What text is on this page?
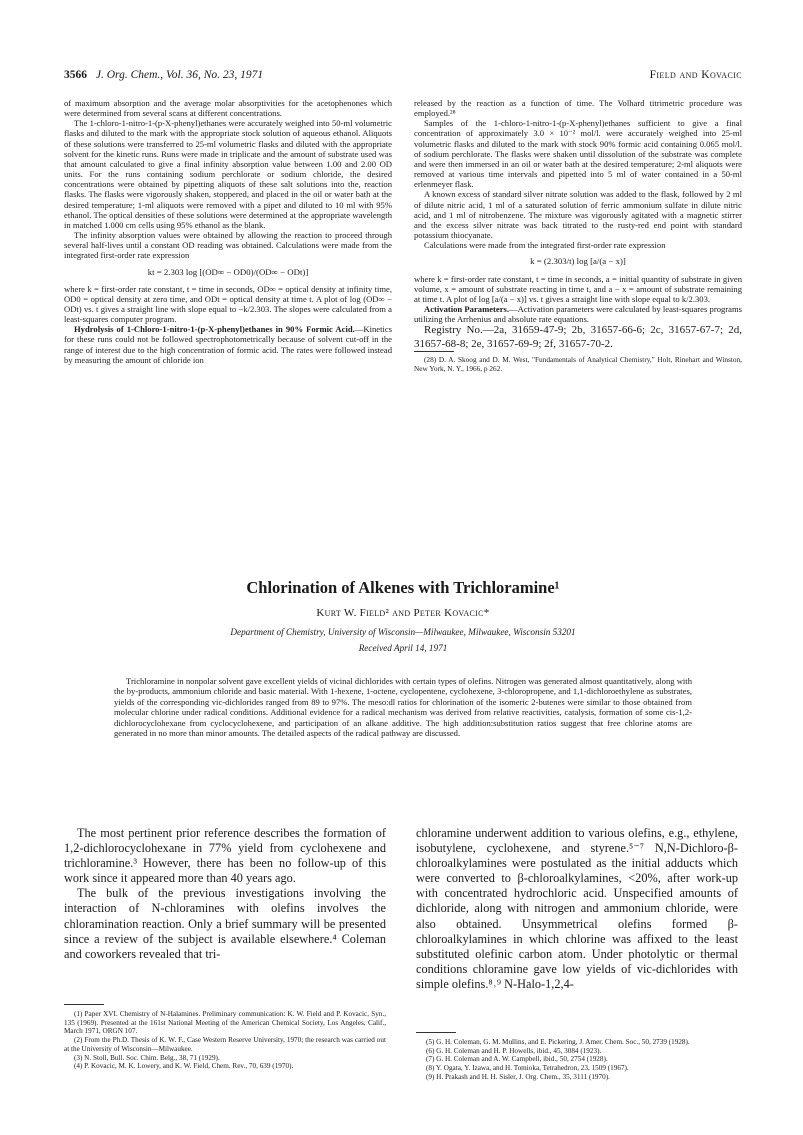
3566 J. Org. Chem., Vol. 36, No. 23, 1971	Field and Kovacic

of maximum absorption and the average molar absorptivities for the acetophenones which were determined from several scans at different concentrations.

The 1-chloro-1-nitro-1-(p-X-phenyl)ethanes were accurately weighed into 50-ml volumetric flasks and diluted to the mark with the appropriate stock solution of aqueous ethanol. Aliquots of these solutions were transferred to 25-ml volumetric flasks and diluted with the appropriate solvent for the kinetic runs. Runs were made in triplicate and the amount of substrate used was that amount calculated to give a final infinity absorption value between 1.00 and 2.00 OD units. For the runs containing sodium perchlorate or sodium chloride, the desired concentrations were obtained by pipetting aliquots of these salt solutions into the, reaction flasks. The flasks were vigorously shaken, stoppered, and placed in the oil or water bath at the desired temperature; 1-ml aliquots were removed with a pipet and diluted to 10 ml with 95% ethanol. The optical densities of these solutions were determined at the appropriate wavelength in matched 1.000 cm cells using 95% ethanol as the blank.

The infinity absorption values were obtained by allowing the reaction to proceed through several half-lives until a constant OD reading was obtained. Calculations were made from the integrated first-order rate expression

kt = 2.303 log [(OD∞ − OD0)/(OD∞ − ODt)]

where k = first-order rate constant, t = time in seconds, OD∞ = optical density at infinity time, OD0 = optical density at zero time, and ODt = optical density at time t. A plot of log (OD∞ − ODt) vs. t gives a straight line with slope equal to −k/2.303. The slopes were calculated from a least-squares computer program.

Hydrolysis of 1-Chloro-1-nitro-1-(p-X-phenyl)ethanes in 90% Formic Acid.—Kinetics for these runs could not be followed spectrophotometrically because of solvent cut-off in the range of interest due to the high concentration of formic acid. The rates were followed instead by measuring the amount of chloride ion

released by the reaction as a function of time. The Volhard titrimetric procedure was employed.²⁸

Samples of the 1-chloro-1-nitro-1-(p-X-phenyl)ethanes sufficient to give a final concentration of approximately 3.0 × 10⁻² mol/l. were accurately weighed into 25-ml volumetric flasks and diluted to the mark with stock 90% formic acid containing 0.065 mol/l. of sodium perchlorate. The flasks were shaken until dissolution of the substrate was complete and were then immersed in an oil or water bath at the desired temperature; 2-ml aliquots were removed at various time intervals and pipetted into 5 ml of water contained in a 50-ml erlenmeyer flask.

A known excess of standard silver nitrate solution was added to the flask, followed by 2 ml of dilute nitric acid, 1 ml of a saturated solution of ferric ammonium sulfate in dilute nitric acid, and 1 ml of nitrobenzene. The mixture was vigorously agitated with a magnetic stirrer and the excess silver nitrate was back titrated to the rusty-red end point with standard potassium thiocyanate.

Calculations were made from the integrated first-order rate expression

k = (2.303/t) log [a/(a − x)]

where k = first-order rate constant, t = time in seconds, a = initial quantity of substrate in given volume, x = amount of substrate reacting in time t, and a − x = amount of substrate remaining at time t. A plot of log [a/(a − x)] vs. t gives a straight line with slope equal to k/2.303.

Activation Parameters.—Activation parameters were calculated by least-squares programs utilizing the Arrhenius and absolute rate equations.

Registry No.—2a, 31659-47-9; 2b, 31657-66-6; 2c, 31657-67-7; 2d, 31657-68-8; 2e, 31657-69-9; 2f, 31657-70-2.

(28) D. A. Skoog and D. M. West, "Fundamentals of Analytical Chemistry," Holt, Rinehart and Winston, New York, N. Y., 1966, p 262.

Chlorination of Alkenes with Trichloramine¹
Kurt W. Field² and Peter Kovacic*
Department of Chemistry, University of Wisconsin—Milwaukee, Milwaukee, Wisconsin 53201
Received April 14, 1971

Trichloramine in nonpolar solvent gave excellent yields of vicinal dichlorides with certain types of olefins. Nitrogen was generated almost quantitatively, along with the by-products, ammonium chloride and basic material. With 1-hexene, 1-octene, cyclopentene, cyclohexene, 3-chloropropene, and 1,1-dichloroethylene as substrates, yields of the corresponding vic-dichlorides ranged from 89 to 97%. The meso:dl ratios for chlorination of the isomeric 2-butenes were similar to those obtained from molecular chlorine under radical conditions. Additional evidence for a radical mechanism was derived from relative reactivities, catalysis, formation of some cis-1,2-dichlorocyclohexane from cyclocyclohexene, and participation of an alkane additive. The high addition:substitution ratios suggest that free chlorine atoms are generated in no more than minor amounts. The detailed aspects of the radical pathway are discussed.

The most pertinent prior reference describes the formation of 1,2-dichlorocyclohexane in 77% yield from cyclohexene and trichloramine.³ However, there has been no follow-up of this work since it appeared more than 40 years ago.

The bulk of the previous investigations involving the interaction of N-chloramines with olefins involves the chloramination reaction. Only a brief summary will be presented since a review of the subject is available elsewhere.⁴ Coleman and coworkers revealed that tri-

chloramine underwent addition to various olefins, e.g., ethylene, isobutylene, cyclohexene, and styrene.⁵⁻⁷ N,N-Dichloro-β-chloroalkylamines were postulated as the initial adducts which were converted to β-chloroalkylamines, <20%, after work-up with concentrated hydrochloric acid. Unspecified amounts of dichloride, along with nitrogen and ammonium chloride, were also obtained. Unsymmetrical olefins formed β-chloroalkylamines in which chlorine was affixed to the least substituted olefinic carbon atom. Under photolytic or thermal conditions chloramine gave low yields of vic-dichlorides with simple olefins.⁸˒⁹ N-Halo-1,2,4-

(1) Paper XVI. Chemistry of N-Halamines. Preliminary communication: K. W. Field and P. Kovacic, Syn., 135 (1969). Presented at the 161st National Meeting of the American Chemical Society, Los Angeles, Calif., March 1971, ORGN 107.

(2) From the Ph.D. Thesis of K. W. F., Case Western Reserve University, 1970; the research was carried out at the University of Wisconsin—Milwaukee.

(3) N. Stoll, Bull. Soc. Chim. Belg., 38, 71 (1929).

(4) P. Kovacic, M. K. Lowery, and K. W. Field, Chem. Rev., 70, 639 (1970).

(5) G. H. Coleman, G. M. Mullins, and E. Pickering, J. Amer. Chem. Soc., 50, 2739 (1928).

(6) G. H. Coleman and H. P. Howells, ibid., 45, 3084 (1923).

(7) G. H. Coleman and A. W. Campbell, ibid., 50, 2754 (1928).

(8) Y. Ogata, Y. Izawa, and H. Tomioka, Tetrahedron, 23, 1509 (1967).

(9) H. Prakash and H. H. Sisler, J. Org. Chem., 35, 3111 (1970).
